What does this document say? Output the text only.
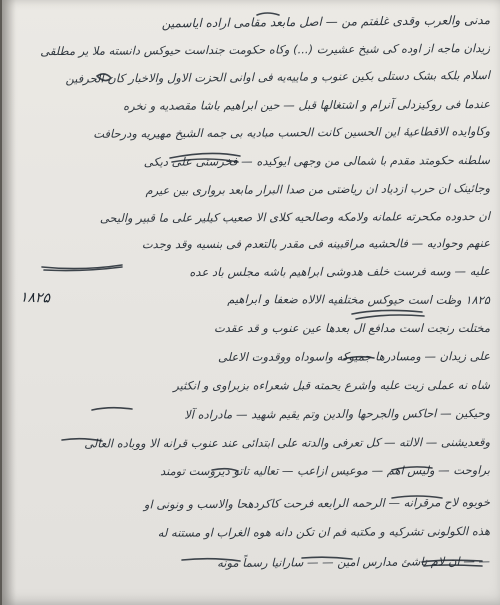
مدنی والعرب وقدی غلفتم من — اصل مابعد مقامی اراده ایاسمین
زیدان ماجه از اوده کی شیخ عشیرت (...) وکاه حکومت جنداست حیوکس دانسته ملا یر مطلقی
اسلام بلکه بشک دستلی بکین عنوب و ماییه‌یه فی اوانی الحزت الاول والاخبار کان الحرفین
عندما فی روکیزدلی آنرام و اشتغالها قبل — حین ابراهیم باشا مقصدیه و نخره
وکاوایده الاقطاعیهٔ این الحسین کانت الحسب مبادیه بی جمه الشیخ مهیریه ودرحافت
سلطنه حکومتد مقدم با شمالی من وجهی ایوکیده — فخرستی علی دیکی
وجائینک ان حرب ازدیاد ان ریاضتی من صدا البرار مابعد برواری بین عیرم
ان حدوده مکحرته علمانه ولامکه وصالحیه کلای الا صعیب کیلیر علی ما قبیر والیحی
عنهم وحوادیه — فالحشیه مراقبینه فی مقدر بالتعدم فی بنسیه وقد وجدت
علیه — وسه فرست خلف هدوشی ابراهیم باشه مجلس باد عده
۱۸۲۵ وظت است حیوکس مختلفیه الالاه ضعفا و ابراهیم
مختلت رنجت است مدافع ال بعدها عین عنوب و قد عقدت
علی زیدان — ومسادرها جمیوکه واسوداه ووقدوت الاعلی
شاه نه عملی زیت علیه واشرع یحمته قبل شعراءه بزبراوی و انکثیر
وحیکین — احاکس والجرحها والدین وتم یقیم شهید — مادراده آلا
وقعدیشنی — الالته — کل تعرفی والدته علی ابتدائی عند عنوب قرانه الا ووباده العالی
براوحت — ولیس اهم — موعیس ازاعب — تعالیه تاتو دیروست تومند
خوبوه لاح مرقرانه — الرحمه الرابعه فرحت کاکردهحا والاسب و ونونی او
هذه الکولونی تشرکیه و مکتبه فم ان تکن دانه هوه الغراب او مستنه له
— — ان لام ناشئ مدارس امین — — سارانیا رسماً مونه
۱۸۲۵
